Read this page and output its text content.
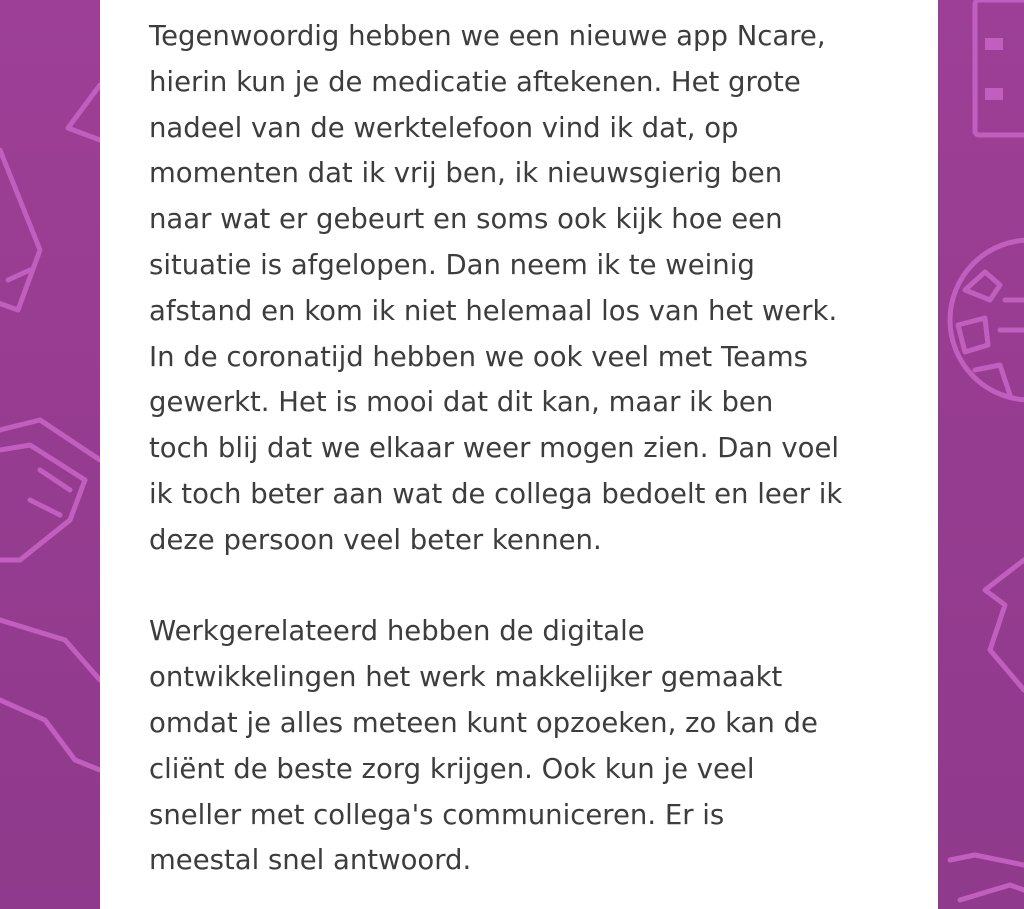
Tegenwoordig hebben we een nieuwe app Ncare,
hierin kun je de medicatie aftekenen. Het grote
nadeel van de werktelefoon vind ik dat, op
momenten dat ik vrij ben, ik nieuwsgierig ben
naar wat er gebeurt en soms ook kijk hoe een
situatie is afgelopen. Dan neem ik te weinig
afstand en kom ik niet helemaal los van het werk.
In de coronatijd hebben we ook veel met Teams
gewerkt. Het is mooi dat dit kan, maar ik ben
toch blij dat we elkaar weer mogen zien. Dan voel
ik toch beter aan wat de collega bedoelt en leer ik
deze persoon veel beter kennen.

Werkgerelateerd hebben de digitale
ontwikkelingen het werk makkelijker gemaakt
omdat je alles meteen kunt opzoeken, zo kan de
cliënt de beste zorg krijgen. Ook kun je veel
sneller met collega's communiceren. Er is
meestal snel antwoord.
